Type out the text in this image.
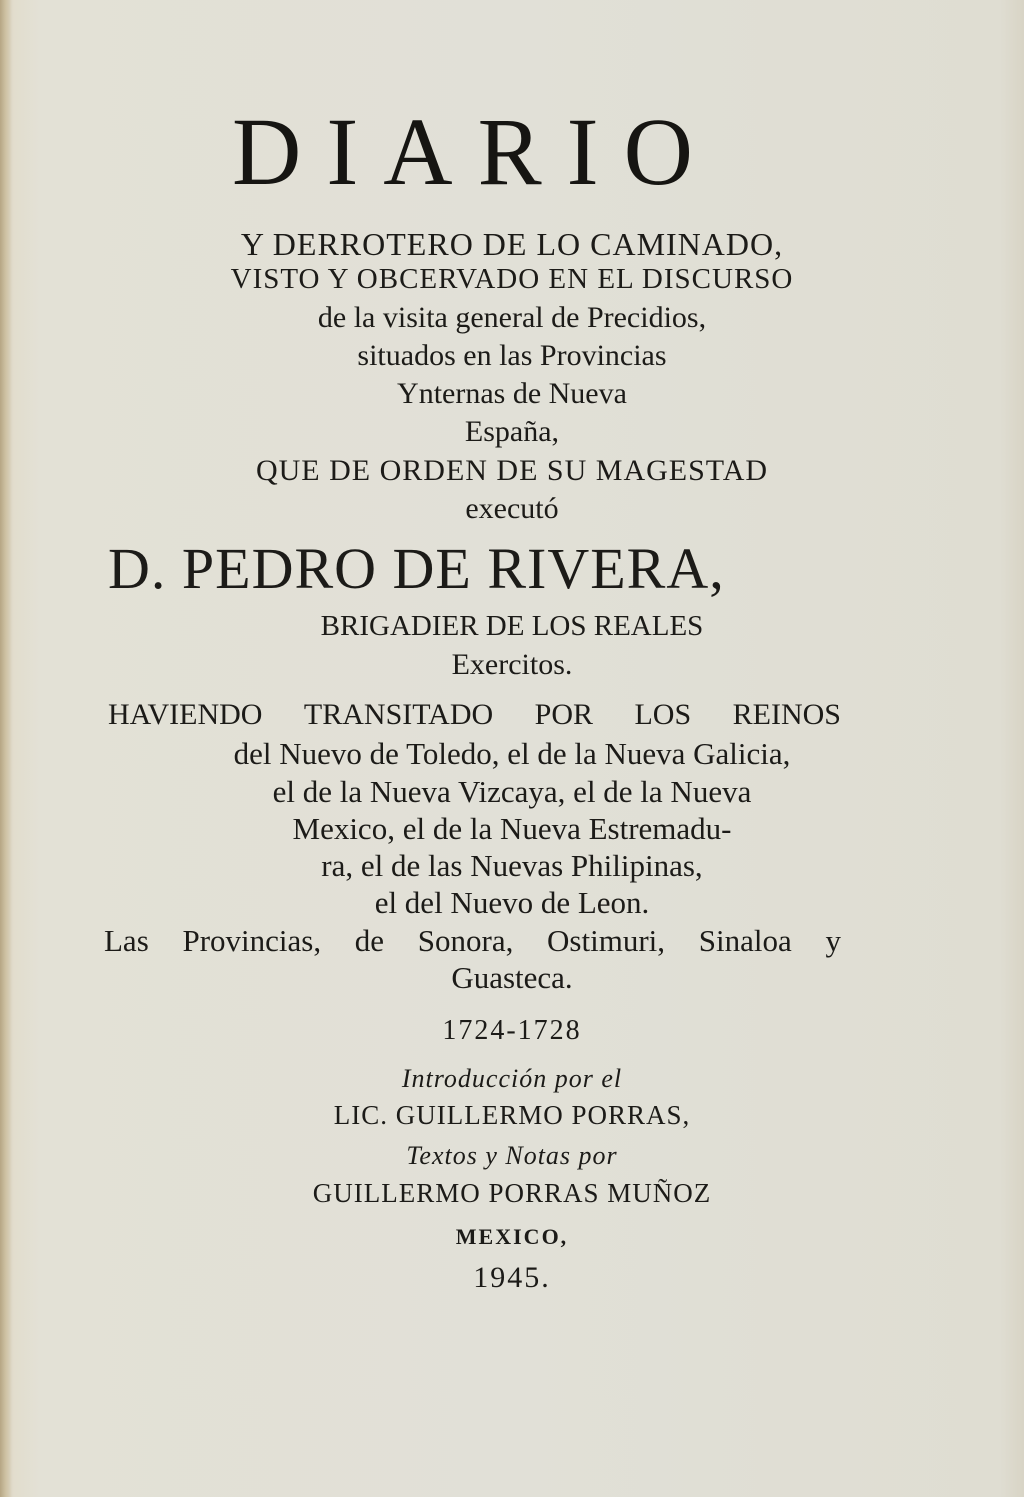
DIARIO
Y DERROTERO DE LO CAMINADO,
VISTO Y OBCERVADO EN EL DISCURSO
de la visita general de Precidios,
situados en las Provincias
Ynternas de Nueva
España,
QUE DE ORDEN DE SU MAGESTAD
executó
D. PEDRO DE RIVERA,
BRIGADIER DE LOS REALES
Exercitos.
HAVIENDO TRANSITADO POR LOS REINOS
del Nuevo de Toledo, el de la Nueva Galicia,
el de la Nueva Vizcaya, el de la Nueva
Mexico, el de la Nueva Estremadu-
ra, el de las Nuevas Philipinas,
el del Nuevo de Leon.
Las Provincias, de Sonora, Ostimuri, Sinaloa y
Guasteca.
1724-1728
Introducción por el
LIC. GUILLERMO PORRAS,
Textos y Notas por
GUILLERMO PORRAS MUÑOZ
MEXICO,
1945.
